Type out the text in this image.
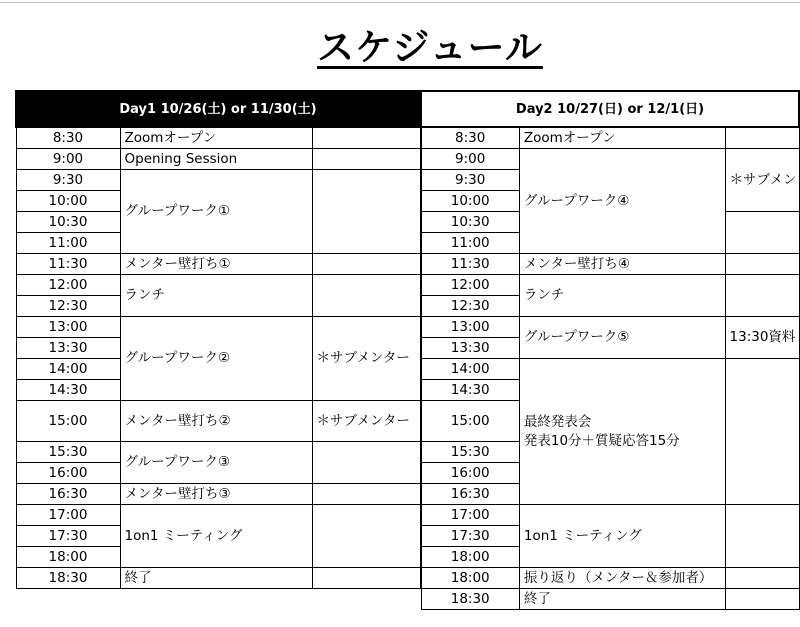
スケジュール
Day1 10/26(土) or 11/30(土)		
8:30	Zoomオープン	
9:00	Opening Session	
9:30	グループワーク①	
10:00		
10:30		
11:00		
11:30	メンター壁打ち①	
12:00	ランチ	
12:30		
13:00	グループワーク②	＊サブメンター
13:30		
14:00		
14:30		
15:00	メンター壁打ち②	＊サブメンター
15:30	グループワーク③	
16:00		
16:30	メンター壁打ち③	
17:00	1on1 ミーティング	
17:30		
18:00		
18:30	終了	
Day2 10/27(日) or 12/1(日)		
8:30	Zoomオープン	
9:00	グループワーク④	＊サブメン
9:30		
10:00		
10:30		
11:00		
11:30	メンター壁打ち④	
12:00	ランチ	
12:30		
13:00	グループワーク⑤	13:30資料
13:30		
14:00	最終発表会
発表10分＋質疑応答15分	

14:30		
15:00		
15:30		
16:00		
16:30		
17:00	1on1 ミーティング	
17:30		
18:00		
18:00	振り返り（メンター＆参加者）	
18:30	終了	
